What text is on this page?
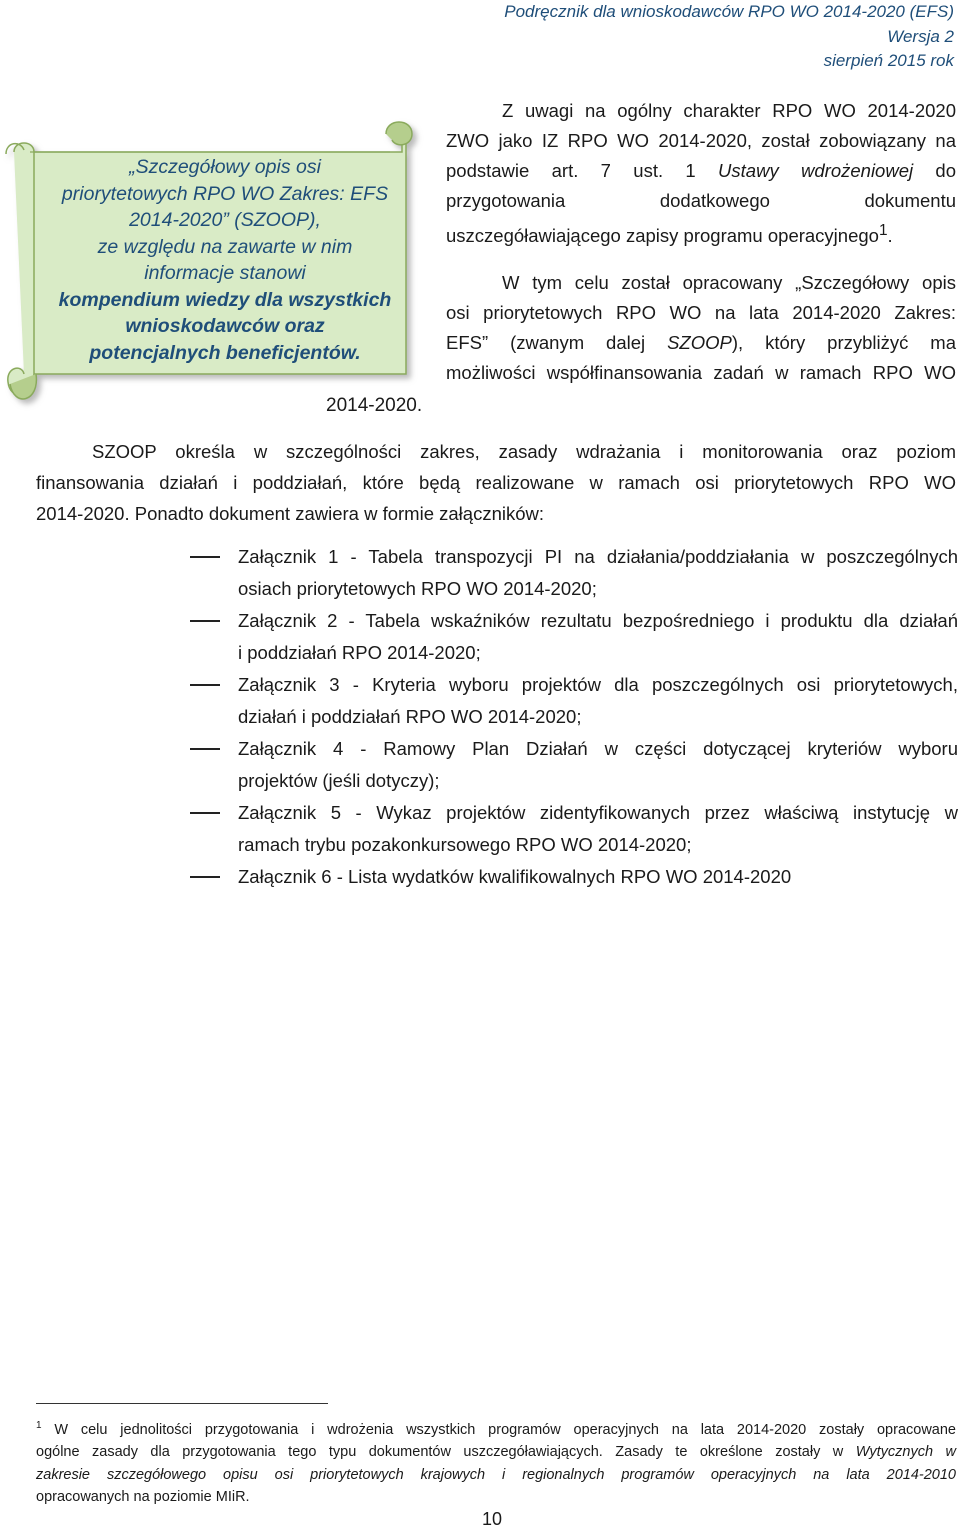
Podręcznik dla wnioskodawców RPO WO 2014-2020 (EFS)
Wersja 2
sierpień 2015 rok
„Szczegółowy opis osi
priorytetowych RPO WO Zakres: EFS
2014-2020” (SZOOP),
ze względu na zawarte w nim
informacje stanowi
kompendium wiedzy dla wszystkich
wnioskodawców oraz
potencjalnych beneficjentów.
Z uwagi na ogólny charakter RPO WO 2014-2020
ZWO jako IZ RPO WO 2014-2020, został zobowiązany na
podstawie art. 7 ust. 1 Ustawy wdrożeniowej do
przygotowania dodatkowego dokumentu
uszczegóławiającego zapisy programu operacyjnego$^1$.
W tym celu został opracowany „Szczegółowy opis
osi priorytetowych RPO WO na lata 2014-2020 Zakres:
EFS” (zwanym dalej SZOOP), który przybliżyć ma
możliwości współfinansowania zadań w ramach RPO WO
2014-2020.
SZOOP określa w szczególności zakres, zasady wdrażania i monitorowania oraz poziom
finansowania działań i poddziałań, które będą realizowane w ramach osi priorytetowych RPO WO
2014-2020. Ponadto dokument zawiera w formie załączników:
Załącznik 1 - Tabela transpozycji PI na działania/poddziałania w poszczególnych
osiach priorytetowych RPO WO 2014-2020;
Załącznik 2 - Tabela wskaźników rezultatu bezpośredniego i produktu dla działań
i poddziałań RPO 2014-2020;
Załącznik 3 - Kryteria wyboru projektów dla poszczególnych osi priorytetowych,
działań i poddziałań RPO WO 2014-2020;
Załącznik 4 - Ramowy Plan Działań w części dotyczącej kryteriów wyboru
projektów (jeśli dotyczy);
Załącznik 5 - Wykaz projektów zidentyfikowanych przez właściwą instytucję w
ramach trybu pozakonkursowego RPO WO 2014-2020;
Załącznik 6 - Lista wydatków kwalifikowalnych RPO WO 2014-2020
$^1$ W celu jednolitości przygotowania i wdrożenia wszystkich programów operacyjnych na lata 2014-2020 zostały opracowane
ogólne zasady dla przygotowania tego typu dokumentów uszczegóławiających. Zasady te określone zostały w Wytycznych w
zakresie szczegółowego opisu osi priorytetowych krajowych i regionalnych programów operacyjnych na lata 2014-2010
opracowanych na poziomie MIiR.
10
